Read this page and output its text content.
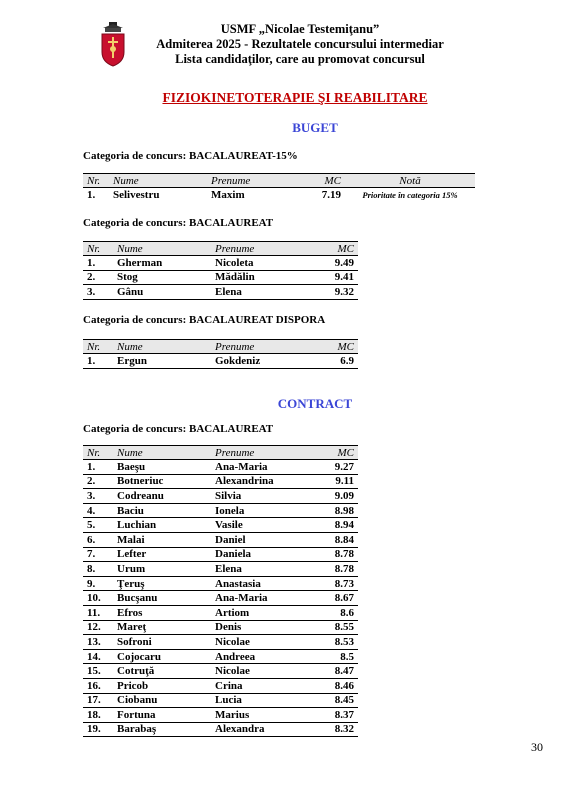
USMF „Nicolae Testemiţanu”
Admiterea 2025 - Rezultatele concursului intermediar
Lista candidaţilor, care au promovat concursul
FIZIOKINETOTERAPIE ŞI REABILITARE
BUGET
Categoria de concurs: BACALAUREAT-15%
Nr.	Nume	Prenume	MC	Notă
1.	Selivestru	Maxim	7.19	Prioritate în categoria 15%
Categoria de concurs: BACALAUREAT
Nr.	Nume	Prenume	MC
1.	Gherman	Nicoleta	9.49
2.	Stog	Mădălin	9.41
3.	Gânu	Elena	9.32
Categoria de concurs: BACALAUREAT DISPORA
Nr.	Nume	Prenume	MC
1.	Ergun	Gokdeniz	6.9
CONTRACT
Categoria de concurs: BACALAUREAT
Nr.	Nume	Prenume	MC
1.	Baeşu	Ana-Maria	9.27
2.	Botneriuc	Alexandrina	9.11
3.	Codreanu	Silvia	9.09
4.	Baciu	Ionela	8.98
5.	Luchian	Vasile	8.94
6.	Malai	Daniel	8.84
7.	Lefter	Daniela	8.78
8.	Urum	Elena	8.78
9.	Ţeruş	Anastasia	8.73
10.	Bucşanu	Ana-Maria	8.67
11.	Efros	Artiom	8.6
12.	Mareţ	Denis	8.55
13.	Sofroni	Nicolae	8.53
14.	Cojocaru	Andreea	8.5
15.	Cotruţă	Nicolae	8.47
16.	Pricob	Crina	8.46
17.	Ciobanu	Lucia	8.45
18.	Fortuna	Marius	8.37
19.	Barabaş	Alexandra	8.32
30
